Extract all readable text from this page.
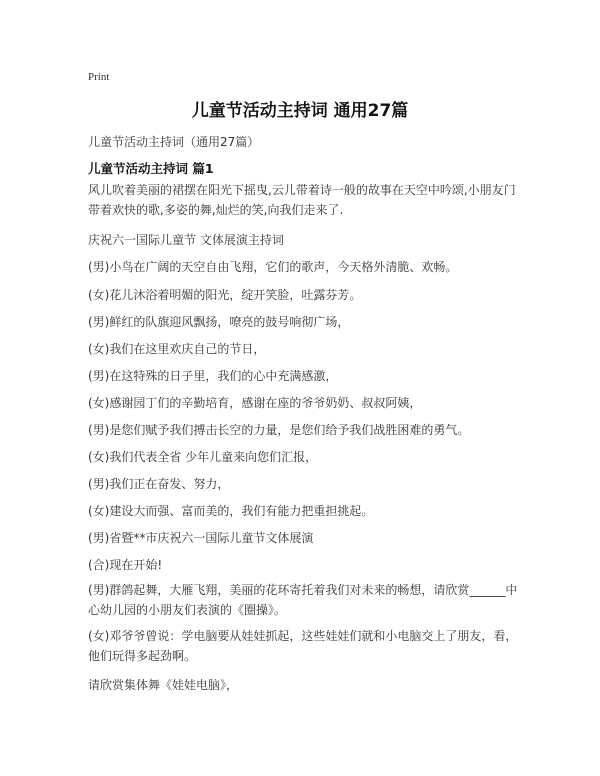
Print
儿童节活动主持词 通用27篇
儿童节活动主持词（通用27篇）
儿童节活动主持词 篇1
风儿吹着美丽的裙摆在阳光下摇曳,云儿带着诗一般的故事在天空中吟颂,小朋友门带着欢快的歌,多姿的舞,灿烂的笑,向我们走来了.
庆祝六一国际儿童节 文体展演主持词
(男)小鸟在广阔的天空自由飞翔，它们的歌声，今天格外清脆、欢畅。
(女)花儿沐浴着明媚的阳光，绽开笑脸，吐露芬芳。
(男)鲜红的队旗迎风飘扬，嘹亮的鼓号响彻广场，
(女)我们在这里欢庆自己的节日，
(男)在这特殊的日子里，我们的心中充满感激，
(女)感谢园丁们的辛勤培育，感谢在座的爷爷奶奶、叔叔阿姨，
(男)是您们赋予我们搏击长空的力量，是您们给予我们战胜困难的勇气。
(女)我们代表全省 少年儿童来向您们汇报，
(男)我们正在奋发、努力，
(女)建设大而强、富而美的，我们有能力把重担挑起。
(男)省暨**市庆祝六一国际儿童节文体展演
(合)现在开始!
(男)群鸽起舞，大雁飞翔，美丽的花环寄托着我们对未来的畅想，请欣赏______中心幼儿园的小朋友们表演的《圈操》。
(女)邓爷爷曾说：学电脑要从娃娃抓起，这些娃娃们就和小电脑交上了朋友，看，他们玩得多起劲啊。
请欣赏集体舞《娃娃电脑》，
